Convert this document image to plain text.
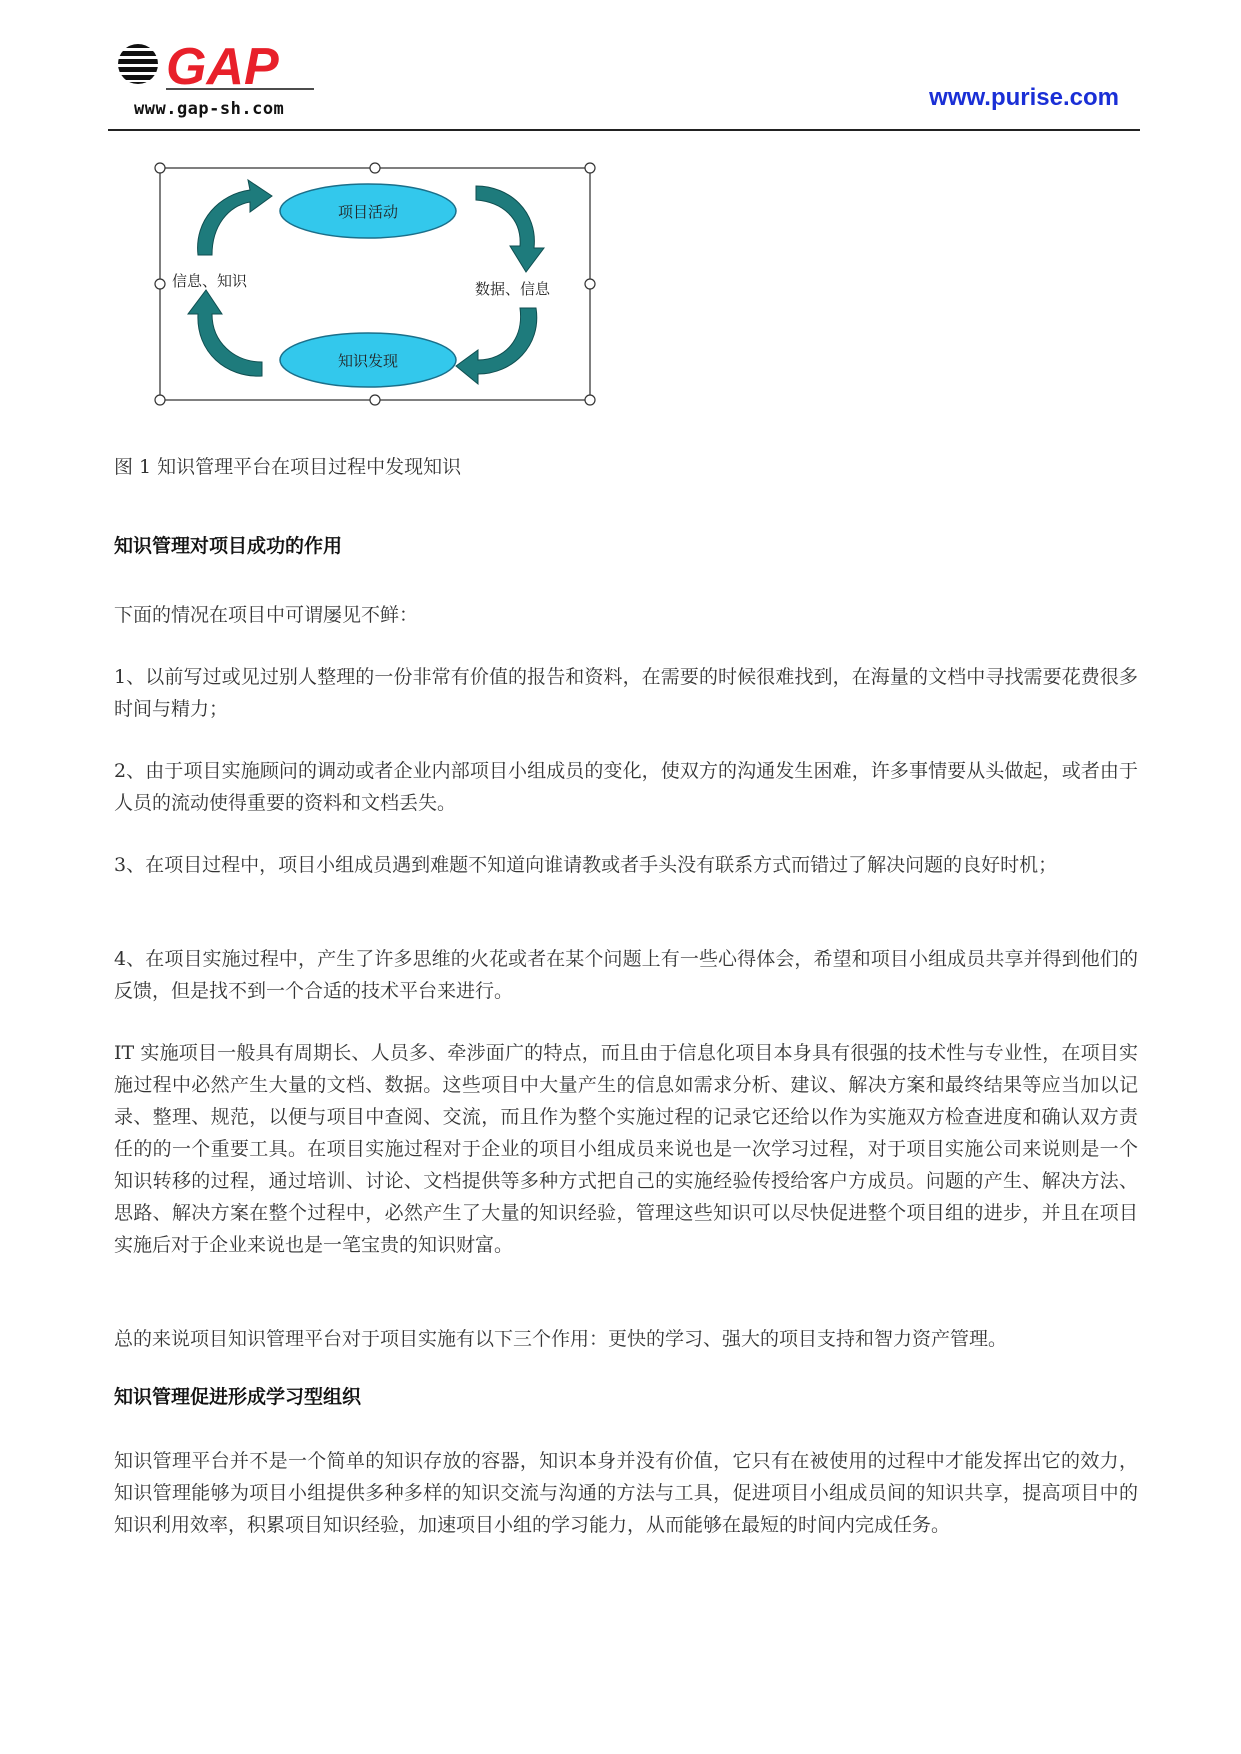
GAP
www.gap-sh.com	www.purise.com
项目活动
知识发现
信息、知识	数据、信息
图 1 知识管理平台在项目过程中发现知识
知识管理对项目成功的作用

下面的情况在项目中可谓屡见不鲜：

1、以前写过或见过别人整理的一份非常有价值的报告和资料，在需要的时候很难找到，在海量的文档中寻找需要花费很多时间与精力；

2、由于项目实施顾问的调动或者企业内部项目小组成员的变化，使双方的沟通发生困难，许多事情要从头做起，或者由于人员的流动使得重要的资料和文档丢失。

3、在项目过程中，项目小组成员遇到难题不知道向谁请教或者手头没有联系方式而错过了解决问题的良好时机；

4、在项目实施过程中，产生了许多思维的火花或者在某个问题上有一些心得体会，希望和项目小组成员共享并得到他们的反馈，但是找不到一个合适的技术平台来进行。

IT 实施项目一般具有周期长、人员多、牵涉面广的特点，而且由于信息化项目本身具有很强的技术性与专业性，在项目实施过程中必然产生大量的文档、数据。这些项目中大量产生的信息如需求分析、建议、解决方案和最终结果等应当加以记录、整理、规范，以便与项目中查阅、交流，而且作为整个实施过程的记录它还给以作为实施双方检查进度和确认双方责任的的一个重要工具。在项目实施过程对于企业的项目小组成员来说也是一次学习过程，对于项目实施公司来说则是一个知识转移的过程，通过培训、讨论、文档提供等多种方式把自己的实施经验传授给客户方成员。问题的产生、解决方法、思路、解决方案在整个过程中，必然产生了大量的知识经验，管理这些知识可以尽快促进整个项目组的进步，并且在项目实施后对于企业来说也是一笔宝贵的知识财富。

总的来说项目知识管理平台对于项目实施有以下三个作用：更快的学习、强大的项目支持和智力资产管理。

知识管理促进形成学习型组织

知识管理平台并不是一个简单的知识存放的容器，知识本身并没有价值，它只有在被使用的过程中才能发挥出它的效力，知识管理能够为项目小组提供多种多样的知识交流与沟通的方法与工具，促进项目小组成员间的知识共享，提高项目中的知识利用效率，积累项目知识经验，加速项目小组的学习能力，从而能够在最短的时间内完成任务。
